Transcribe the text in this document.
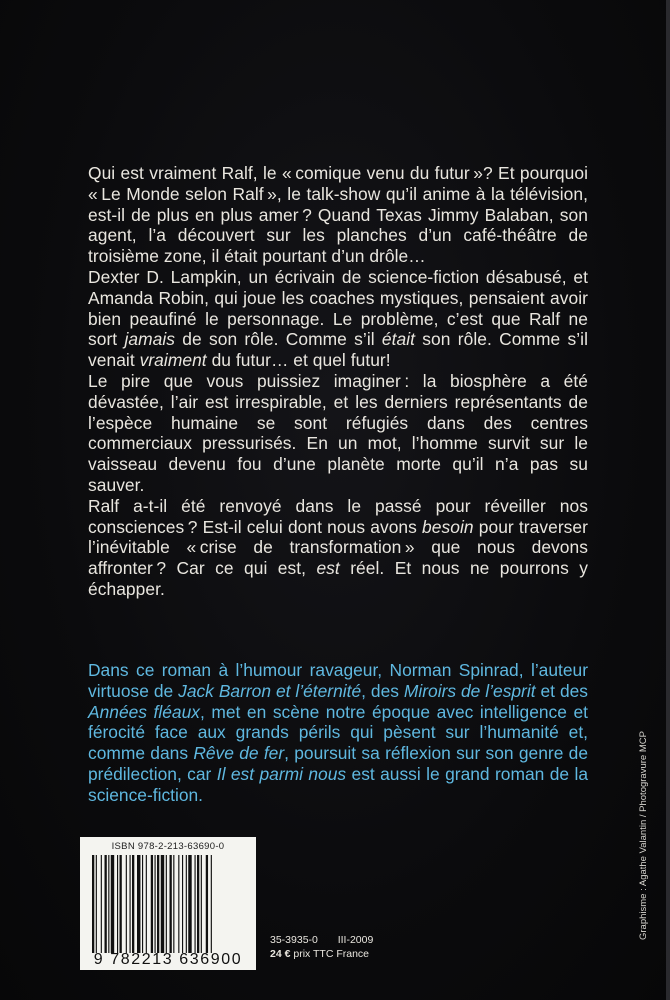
Qui est vraiment Ralf, le « comique venu du futur »? Et pourquoi « Le Monde selon Ralf », le talk-show qu’il anime à la télévision, est-il de plus en plus amer ? Quand Texas Jimmy Balaban, son agent, l’a découvert sur les planches d’un café-théâtre de troisième zone, il était pourtant d’un drôle…

Dexter D. Lampkin, un écrivain de science-fiction désabusé, et Amanda Robin, qui joue les coaches mystiques, pensaient avoir bien peaufiné le personnage. Le problème, c’est que Ralf ne sort jamais de son rôle. Comme s’il était son rôle. Comme s’il venait vraiment du futur… et quel futur!

Le pire que vous puissiez imaginer : la biosphère a été dévastée, l’air est irrespirable, et les derniers représentants de l’espèce humaine se sont réfugiés dans des centres commerciaux pressurisés. En un mot, l’homme survit sur le vaisseau devenu fou d’une planète morte qu’il n’a pas su sauver.

Ralf a-t-il été renvoyé dans le passé pour réveiller nos consciences ? Est-il celui dont nous avons besoin pour traverser l’inévitable « crise de transformation » que nous devons affronter ? Car ce qui est, est réel. Et nous ne pourrons y échapper.

Dans ce roman à l’humour ravageur, Norman Spinrad, l’auteur virtuose de Jack Barron et l’éternité, des Miroirs de l’esprit et des Années fléaux, met en scène notre époque avec intelligence et férocité face aux grands périls qui pèsent sur l’humanité et, comme dans Rêve de fer, poursuit sa réflexion sur son genre de prédilection, car Il est parmi nous est aussi le grand roman de la science-fiction.

ISBN 978-2-213-63690-0
9 782213 636900
35-3935-0 III-2009
24 € prix TTC France
Graphisme : Agathe Valantin / Photogravure MCP
